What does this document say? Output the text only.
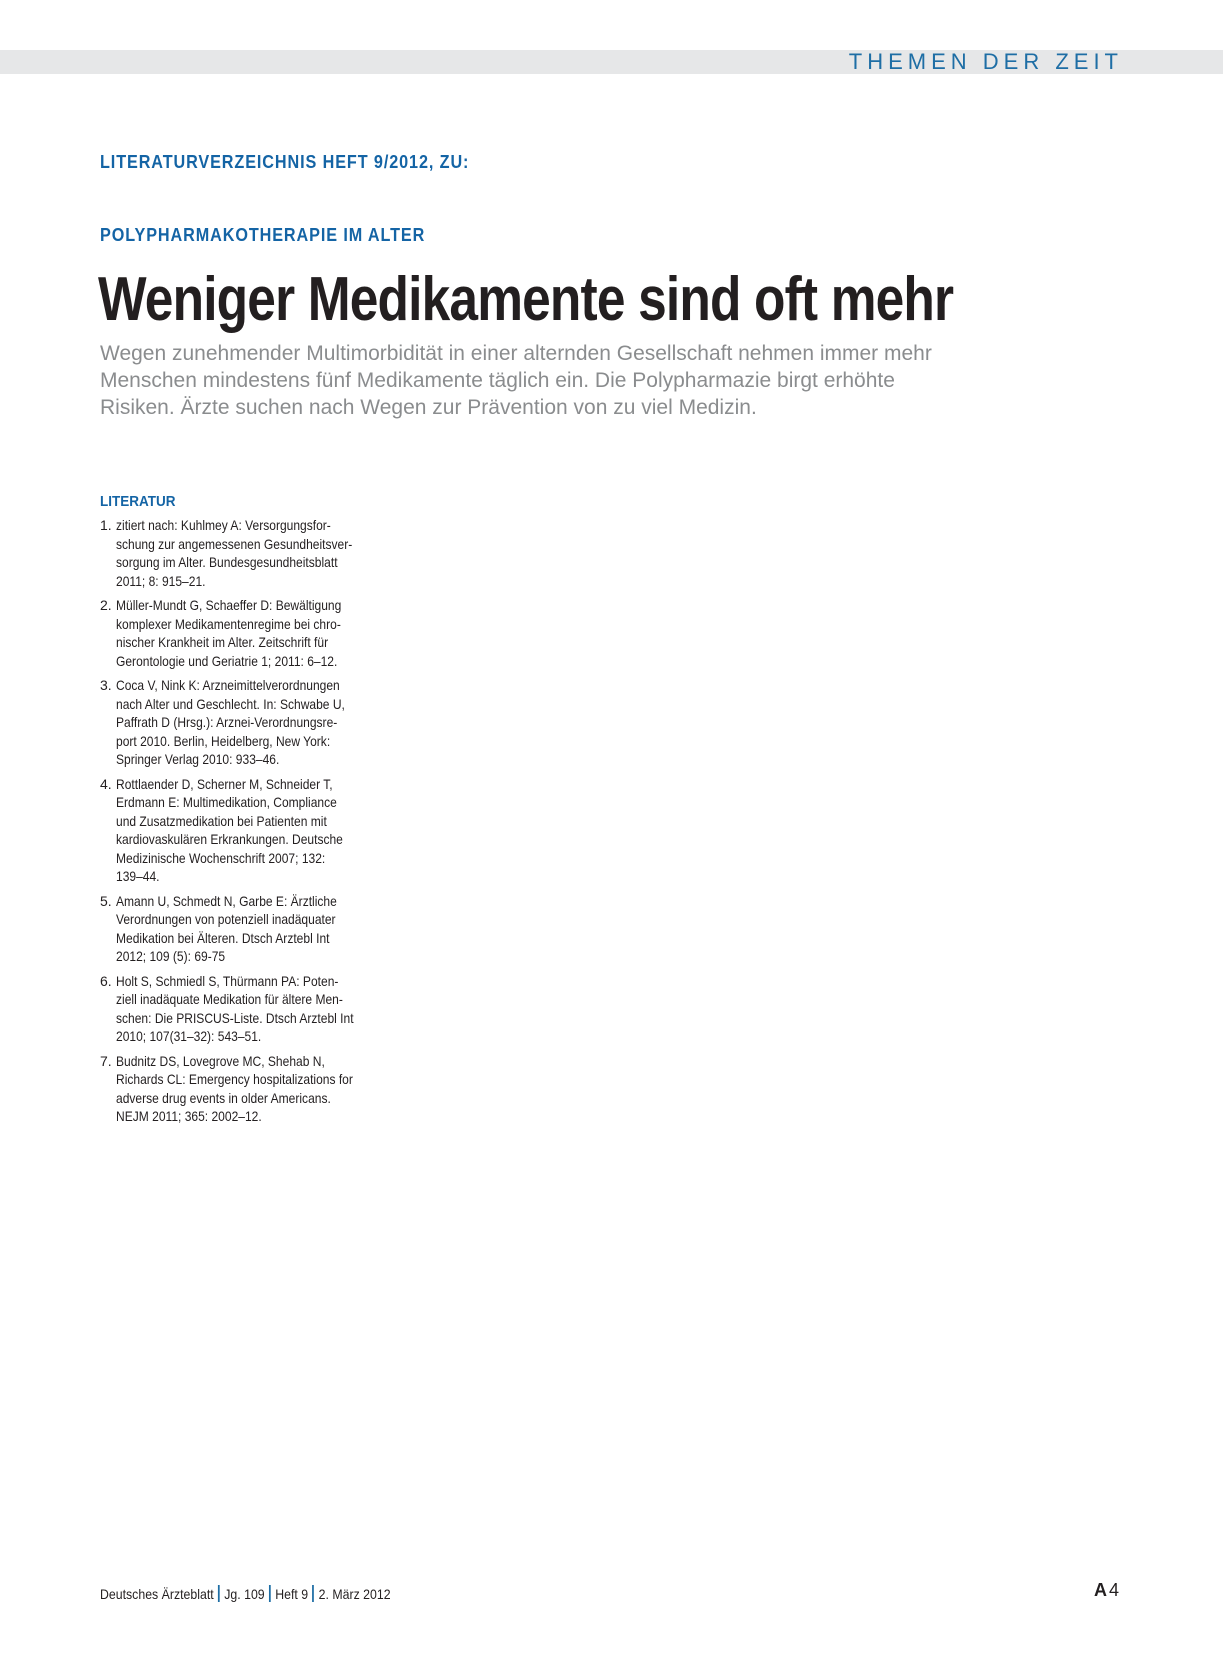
THEMEN DER ZEIT
LITERATURVERZEICHNIS HEFT 9/2012, ZU:
POLYPHARMAKOTHERAPIE IM ALTER
Weniger Medikamente sind oft mehr

Wegen zunehmender Multimorbidität in einer alternden Gesellschaft nehmen immer mehr Menschen mindestens fünf Medikamente täglich ein. Die Polypharmazie birgt erhöhte Risiken. Ärzte suchen nach Wegen zur Prävention von zu viel Medizin.

LITERATUR
1. zitiert nach: Kuhlmey A: Versorgungsfor-
schung zur angemessenen Gesundheitsver-
sorgung im Alter. Bundesgesundheitsblatt
2011; 8: 915–21.
2. Müller-Mundt G, Schaeffer D: Bewältigung
komplexer Medikamentenregime bei chro-
nischer Krankheit im Alter. Zeitschrift für
Gerontologie und Geriatrie 1; 2011: 6–12.
3. Coca V, Nink K: Arzneimittelverordnungen
nach Alter und Geschlecht. In: Schwabe U,
Paffrath D (Hrsg.): Arznei-Verordnungsre-
port 2010. Berlin, Heidelberg, New York:
Springer Verlag 2010: 933–46.
4. Rottlaender D, Scherner M, Schneider T,
Erdmann E: Multimedikation, Compliance
und Zusatzmedikation bei Patienten mit
kardiovaskulären Erkrankungen. Deutsche
Medizinische Wochenschrift 2007; 132:
139–44.
5. Amann U, Schmedt N, Garbe E: Ärztliche
Verordnungen von potenziell inadäquater
Medikation bei Älteren. Dtsch Arztebl Int
2012; 109 (5): 69-75
6. Holt S, Schmiedl S, Thürmann PA: Poten-
ziell inadäquate Medikation für ältere Men-
schen: Die PRISCUS-Liste. Dtsch Arztebl Int
2010; 107(31–32): 543–51.
7. Budnitz DS, Lovegrove MC, Shehab N,
Richards CL: Emergency hospitalizations for
adverse drug events in older Americans.
NEJM 2011; 365: 2002–12.
Deutsches Ärzteblatt Jg. 109 Heft 9 2. März 2012	A 4
